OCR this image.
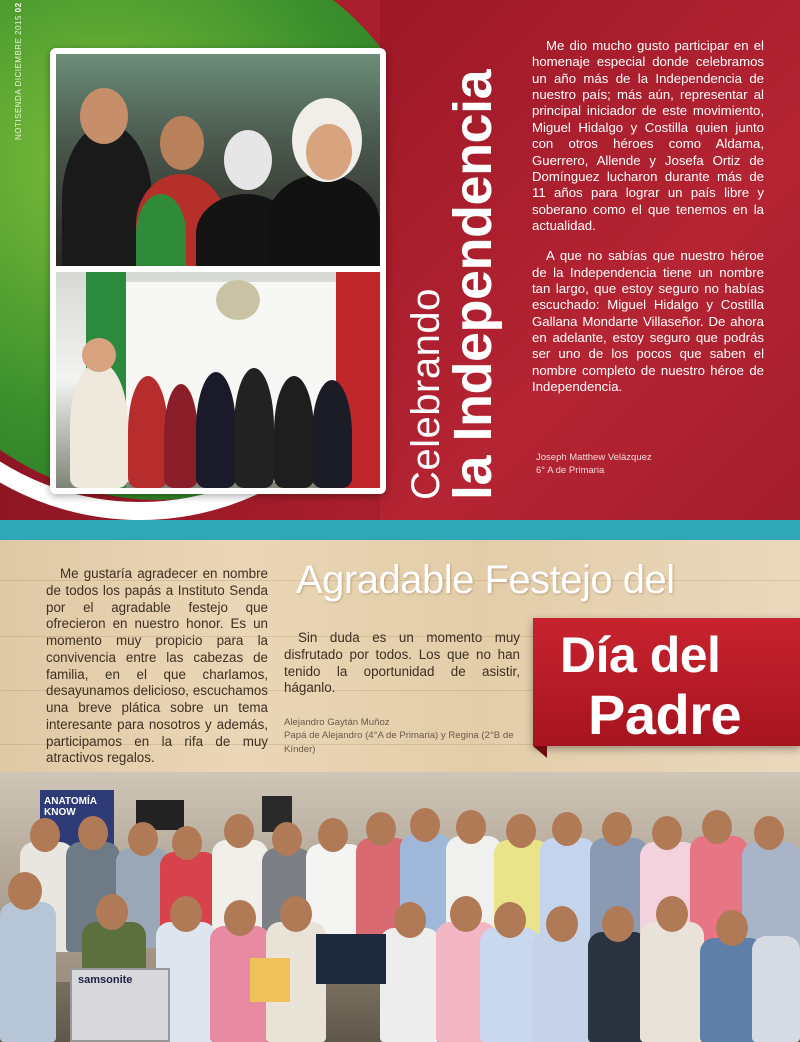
NOTISENDA DICIEMBRE 2015 02
Celebrando
la Independencia

Me dio mucho gusto participar en el homenaje especial donde celebramos un año más de la Independencia de nuestro país; más aún, representar al principal iniciador de este movimiento, Miguel Hidalgo y Costilla quien junto con otros héroes como Aldama, Guerrero, Allende y Josefa Ortiz de Domínguez lucharon durante más de 11 años para lograr un país libre y soberano como el que tenemos en la actualidad.

A que no sabías que nuestro héroe de la Independencia tiene un nombre tan largo, que estoy seguro no habías escuchado: Miguel Hidalgo y Costilla Gallana Mondarte Villaseñor. De ahora en adelante, estoy seguro que podrás ser uno de los pocos que saben el nombre completo de nuestro héroe de Independencia.

Joseph Matthew Velázquez
6° A de Primaria
Agradable Festejo del
Me gustaría agradecer en nombre de todos los papás a Instituto Senda por el agradable festejo que ofrecieron en nuestro honor. Es un momento muy propicio para la convivencia entre las cabezas de familia, en el que charlamos, desayunamos delicioso, escuchamos una breve plática sobre un tema interesante para nosotros y además, participamos en la rifa de muy atractivos regalos.
Sin duda es un momento muy disfrutado por todos. Los que no han tenido la oportunidad de asistir, háganlo.
Alejandro Gaytán Muñoz
Papá de Alejandro (4°A de Primaria) y Regina (2°B de Kínder)
Día del
Padre
ANATOMÍA KNOW
samsonite
